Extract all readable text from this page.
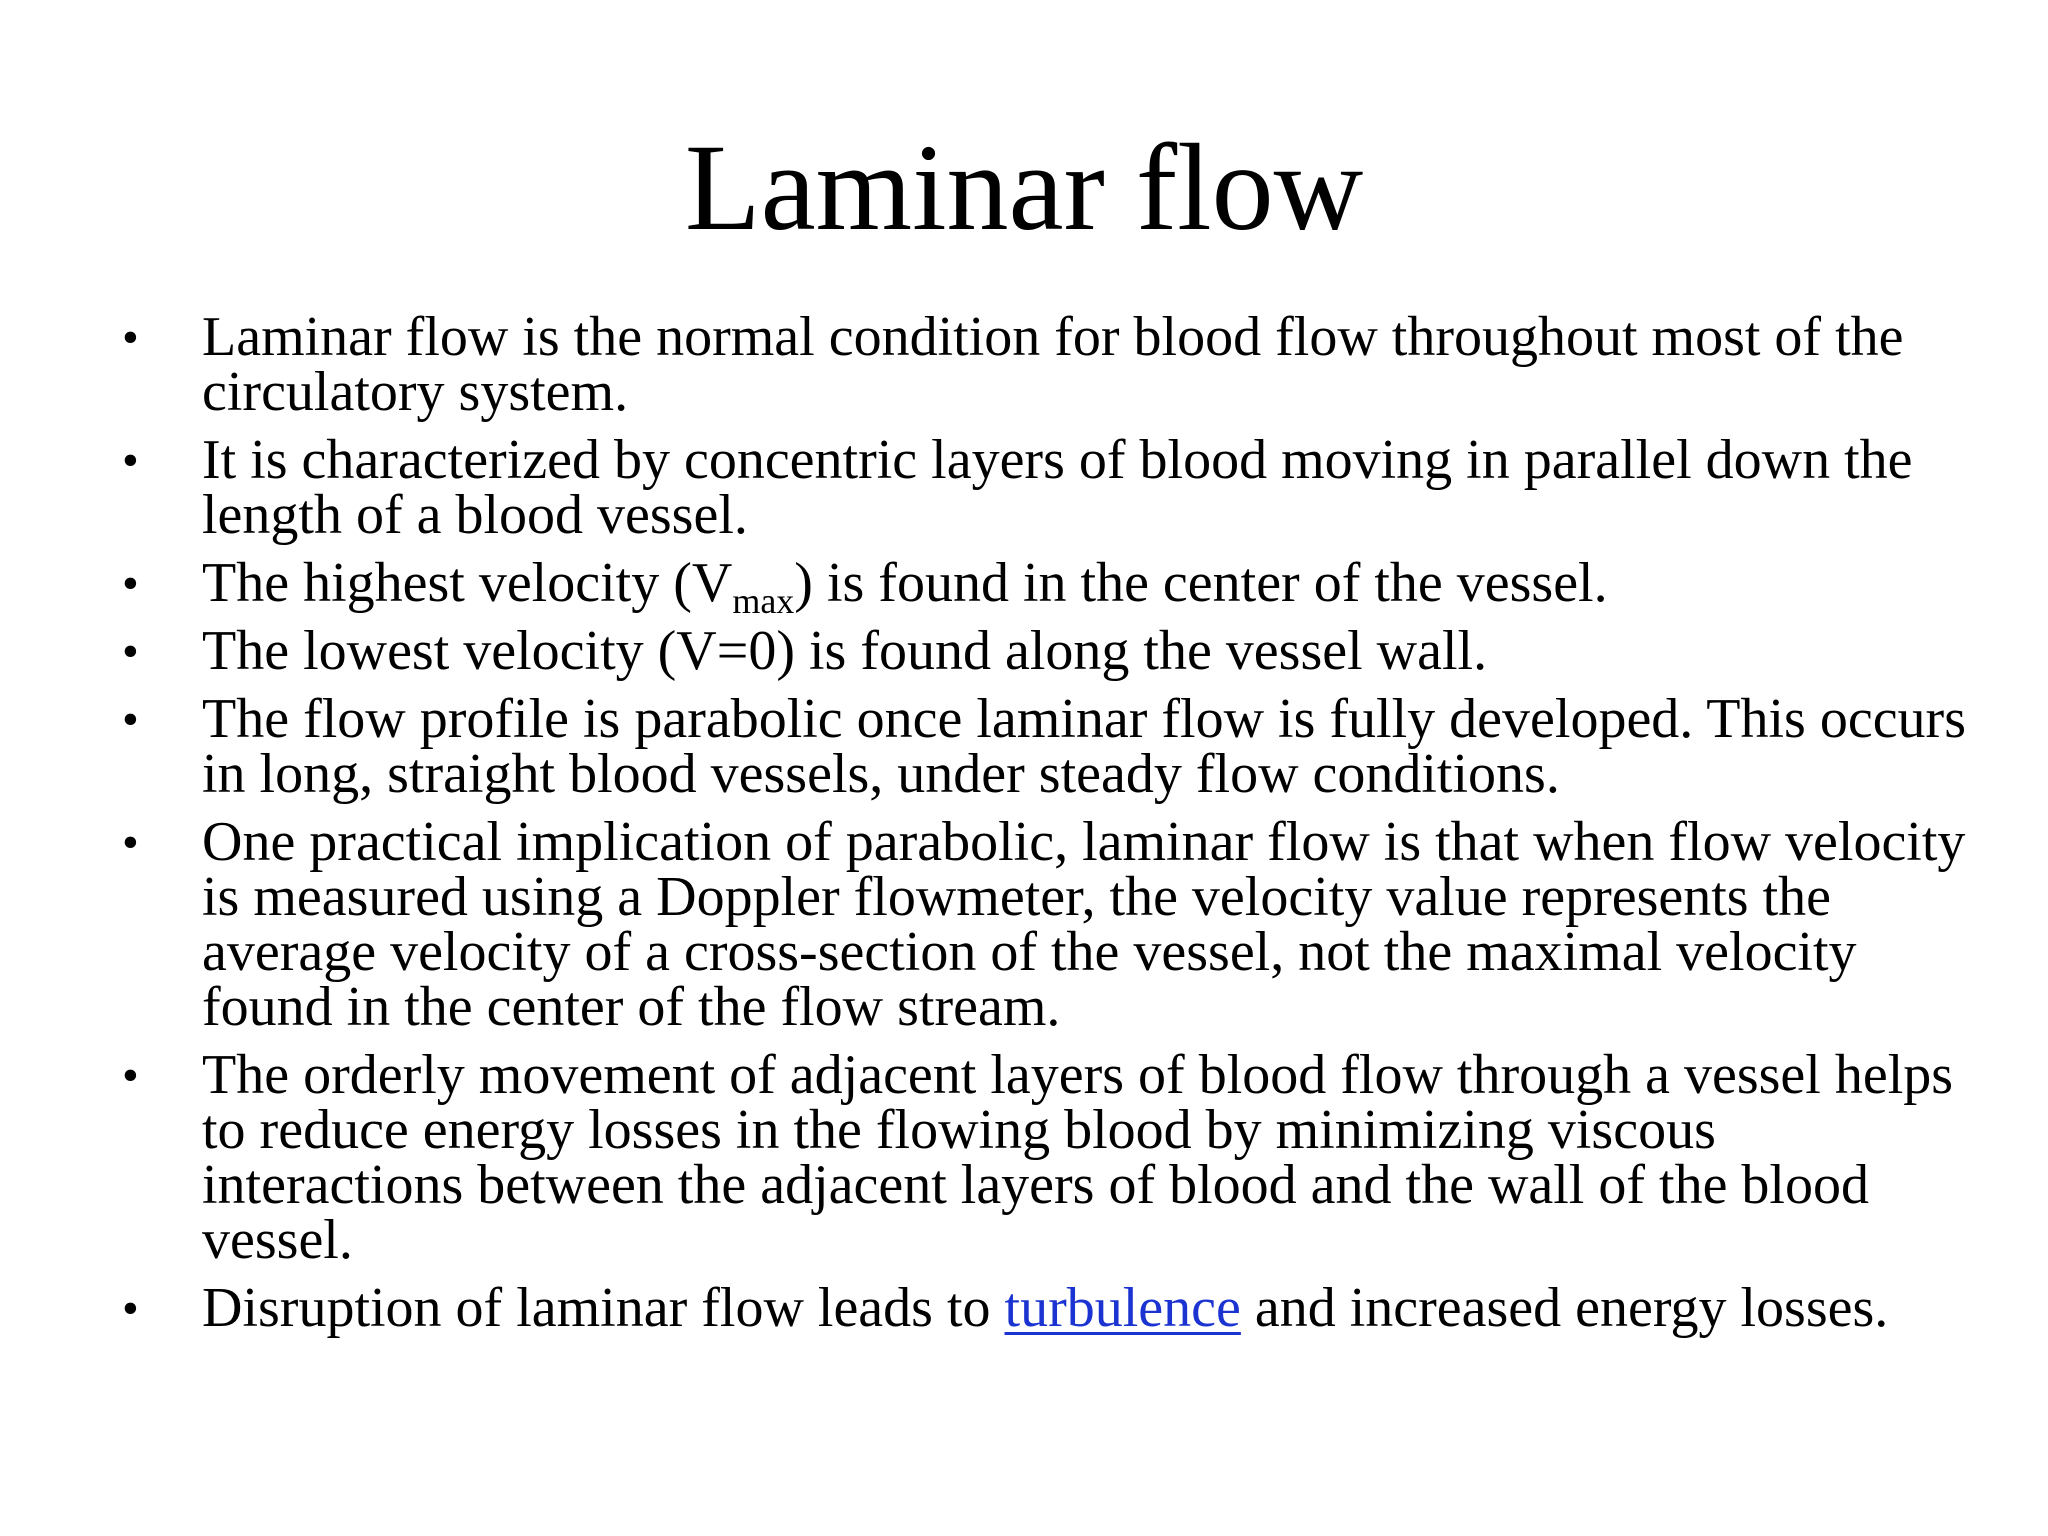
Laminar flow
• Laminar flow is the normal condition for blood flow throughout most of the circulatory system.
• It is characterized by concentric layers of blood moving in parallel down the length of a blood vessel.
• The highest velocity $(V_{max})$ is found in the center of the vessel.
• The lowest velocity (V=0) is found along the vessel wall.
• The flow profile is parabolic once laminar flow is fully developed. This occurs in long, straight blood vessels, under steady flow conditions.
• One practical implication of parabolic, laminar flow is that when flow velocity is measured using a Doppler flowmeter, the velocity value represents the average velocity of a cross-section of the vessel, not the maximal velocity found in the center of the flow stream.
• The orderly movement of adjacent layers of blood flow through a vessel helps to reduce energy losses in the flowing blood by minimizing viscous interactions between the adjacent layers of blood and the wall of the blood vessel.
• Disruption of laminar flow leads to turbulence and increased energy losses.
